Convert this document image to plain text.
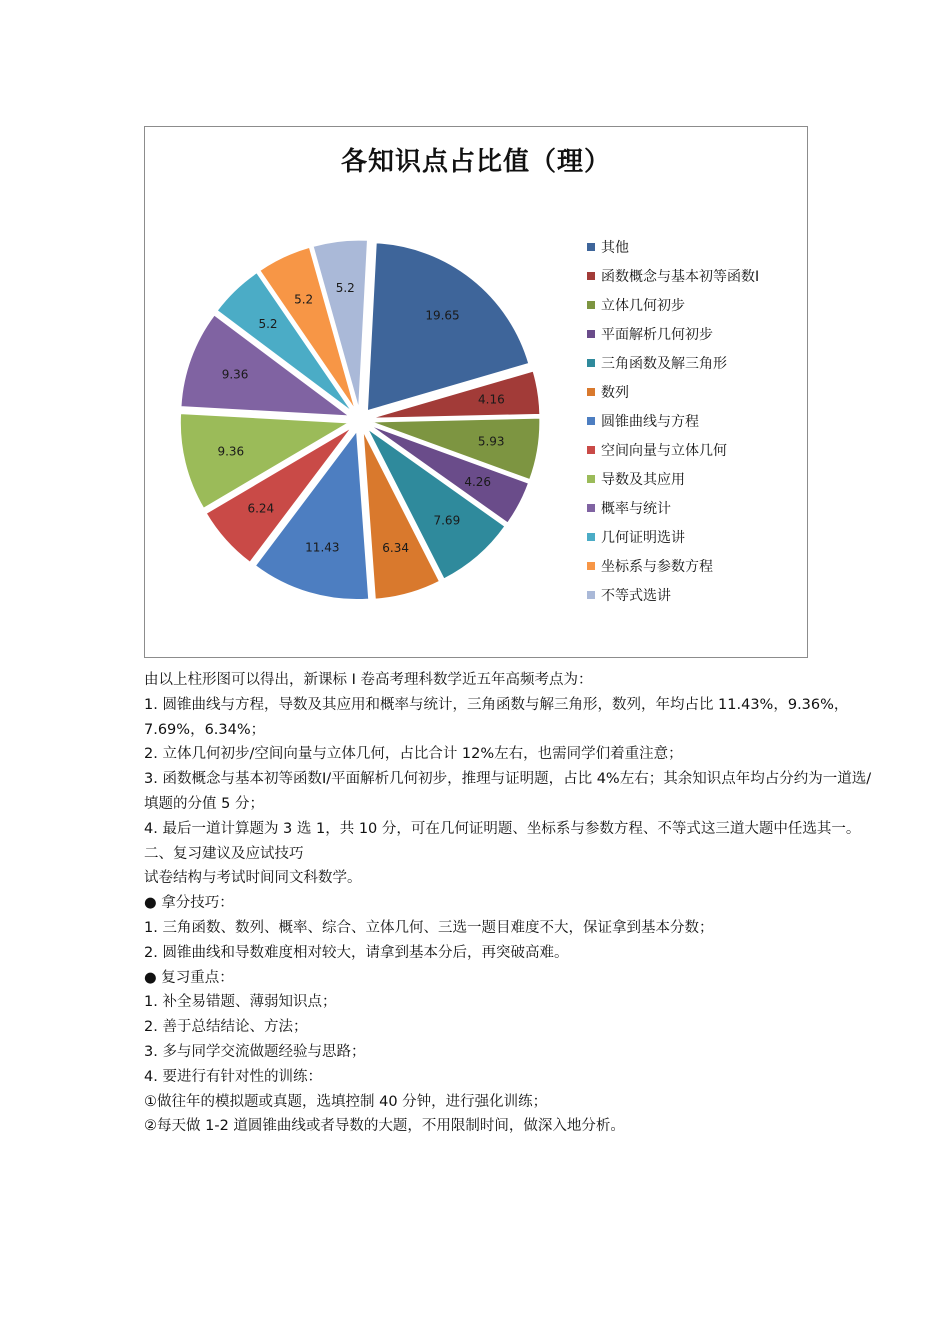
各知识点占比值（理）
19.65
4.16
5.93
4.26
7.69
6.34
11.43
6.24
9.36
9.36
5.2
5.2
5.2
其他
函数概念与基本初等函数Ⅰ
立体几何初步
平面解析几何初步
三角函数及解三角形
数列
圆锥曲线与方程
空间向量与立体几何
导数及其应用
概率与统计
几何证明选讲
坐标系与参数方程
不等式选讲

由以上柱形图可以得出，新课标 I 卷高考理科数学近五年高频考点为：

1. 圆锥曲线与方程，导数及其应用和概率与统计，三角函数与解三角形，数列，年均占比 11.43%，9.36%，7.69%，6.34%；

2. 立体几何初步/空间向量与立体几何，占比合计 12%左右，也需同学们着重注意；

3. 函数概念与基本初等函数Ⅰ/平面解析几何初步，推理与证明题，占比 4%左右；其余知识点年均占分约为一道选/填题的分值 5 分；

4. 最后一道计算题为 3 选 1，共 10 分，可在几何证明题、坐标系与参数方程、不等式这三道大题中任选其一。

二、复习建议及应试技巧

试卷结构与考试时间同文科数学。

● 拿分技巧：

1. 三角函数、数列、概率、综合、立体几何、三选一题目难度不大，保证拿到基本分数；

2. 圆锥曲线和导数难度相对较大，请拿到基本分后，再突破高难。

● 复习重点：

1. 补全易错题、薄弱知识点；

2. 善于总结结论、方法；

3. 多与同学交流做题经验与思路；

4. 要进行有针对性的训练：

①做往年的模拟题或真题，选填控制 40 分钟，进行强化训练；

②每天做 1-2 道圆锥曲线或者导数的大题，不用限制时间，做深入地分析。
